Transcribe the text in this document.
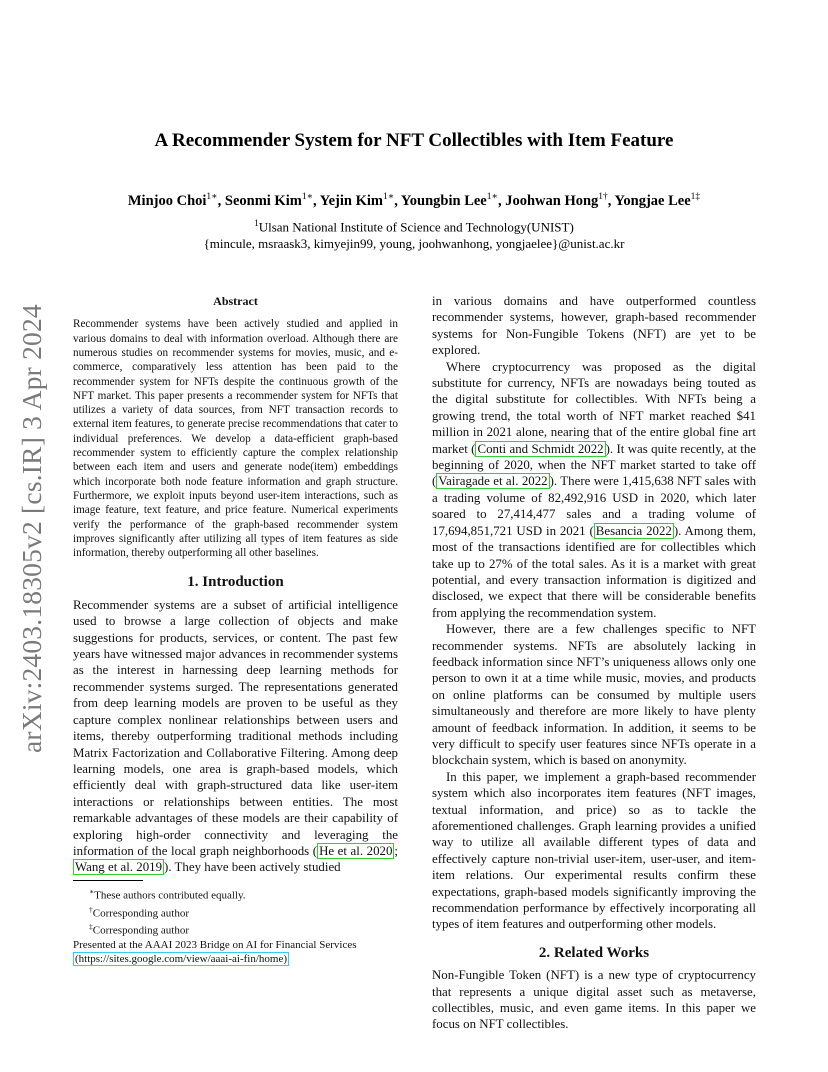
arXiv:2403.18305v2 [cs.IR] 3 Apr 2024
A Recommender System for NFT Collectibles with Item Feature
Minjoo Choi$^{1∗}$, Seonmi Kim$^{1∗}$, Yejin Kim$^{1∗}$, Youngbin Lee$^{1∗}$, Joohwan Hong$^{1\dagger}$, Yongjae Lee$^{1\ddagger}$
$^1$Ulsan National Institute of Science and Technology(UNIST)
{mincule, msraask3, kimyejin99, young, joohwanhong, yongjaelee}@unist.ac.kr
Abstract

Recommender systems have been actively studied and applied in various domains to deal with information overload. Although there are numerous studies on recommender systems for movies, music, and e-commerce, comparatively less attention has been paid to the recommender system for NFTs despite the continuous growth of the NFT market. This paper presents a recommender system for NFTs that utilizes a variety of data sources, from NFT transaction records to external item features, to generate precise recommendations that cater to individual preferences. We develop a data-efficient graph-based recommender system to efficiently capture the complex relationship between each item and users and generate node(item) embeddings which incorporate both node feature information and graph structure. Furthermore, we exploit inputs beyond user-item interactions, such as image feature, text feature, and price feature. Numerical experiments verify the performance of the graph-based recommender system improves significantly after utilizing all types of item features as side information, thereby outperforming all other baselines.

1. Introduction

Recommender systems are a subset of artificial intelligence used to browse a large collection of objects and make suggestions for products, services, or content. The past few years have witnessed major advances in recommender systems as the interest in harnessing deep learning methods for recommender systems surged. The representations generated from deep learning models are proven to be useful as they capture complex nonlinear relationships between users and items, thereby outperforming traditional methods including Matrix Factorization and Collaborative Filtering. Among deep learning models, one area is graph-based models, which efficiently deal with graph-structured data like user-item interactions or relationships between entities. The most remarkable advantages of these models are their capability of exploring high-order connectivity and leveraging the information of the local graph neighborhoods ( He et al. 2020 ; Wang et al. 2019 ). They have been actively studied

∗These authors contributed equally.
†Corresponding author
‡Corresponding author
Presented at the AAAI 2023 Bridge on AI for Financial Services
(https://sites.google.com/view/aaai-ai-fin/home)

in various domains and have outperformed countless recommender systems, however, graph-based recommender systems for Non-Fungible Tokens (NFT) are yet to be explored.

Where cryptocurrency was proposed as the digital substitute for currency, NFTs are nowadays being touted as the digital substitute for collectibles. With NFTs being a growing trend, the total worth of NFT market reached $41 million in 2021 alone, nearing that of the entire global fine art market ( Conti and Schmidt 2022 ). It was quite recently, at the beginning of 2020, when the NFT market started to take off ( Vairagade et al. 2022 ). There were 1,415,638 NFT sales with a trading volume of 82,492,916 USD in 2020, which later soared to 27,414,477 sales and a trading volume of 17,694,851,721 USD in 2021 ( Besancia 2022 ). Among them, most of the transactions identified are for collectibles which take up to 27% of the total sales. As it is a market with great potential, and every transaction information is digitized and disclosed, we expect that there will be considerable benefits from applying the recommendation system.

However, there are a few challenges specific to NFT recommender systems. NFTs are absolutely lacking in feedback information since NFT’s uniqueness allows only one person to own it at a time while music, movies, and products on online platforms can be consumed by multiple users simultaneously and therefore are more likely to have plenty amount of feedback information. In addition, it seems to be very difficult to specify user features since NFTs operate in a blockchain system, which is based on anonymity.

In this paper, we implement a graph-based recommender system which also incorporates item features (NFT images, textual information, and price) so as to tackle the aforementioned challenges. Graph learning provides a unified way to utilize all available different types of data and effectively capture non-trivial user-item, user-user, and item-item relations. Our experimental results confirm these expectations, graph-based models significantly improving the recommendation performance by effectively incorporating all types of item features and outperforming other models.

2. Related Works

Non-Fungible Token (NFT) is a new type of cryptocurrency that represents a unique digital asset such as metaverse, collectibles, music, and even game items. In this paper we focus on NFT collectibles.
